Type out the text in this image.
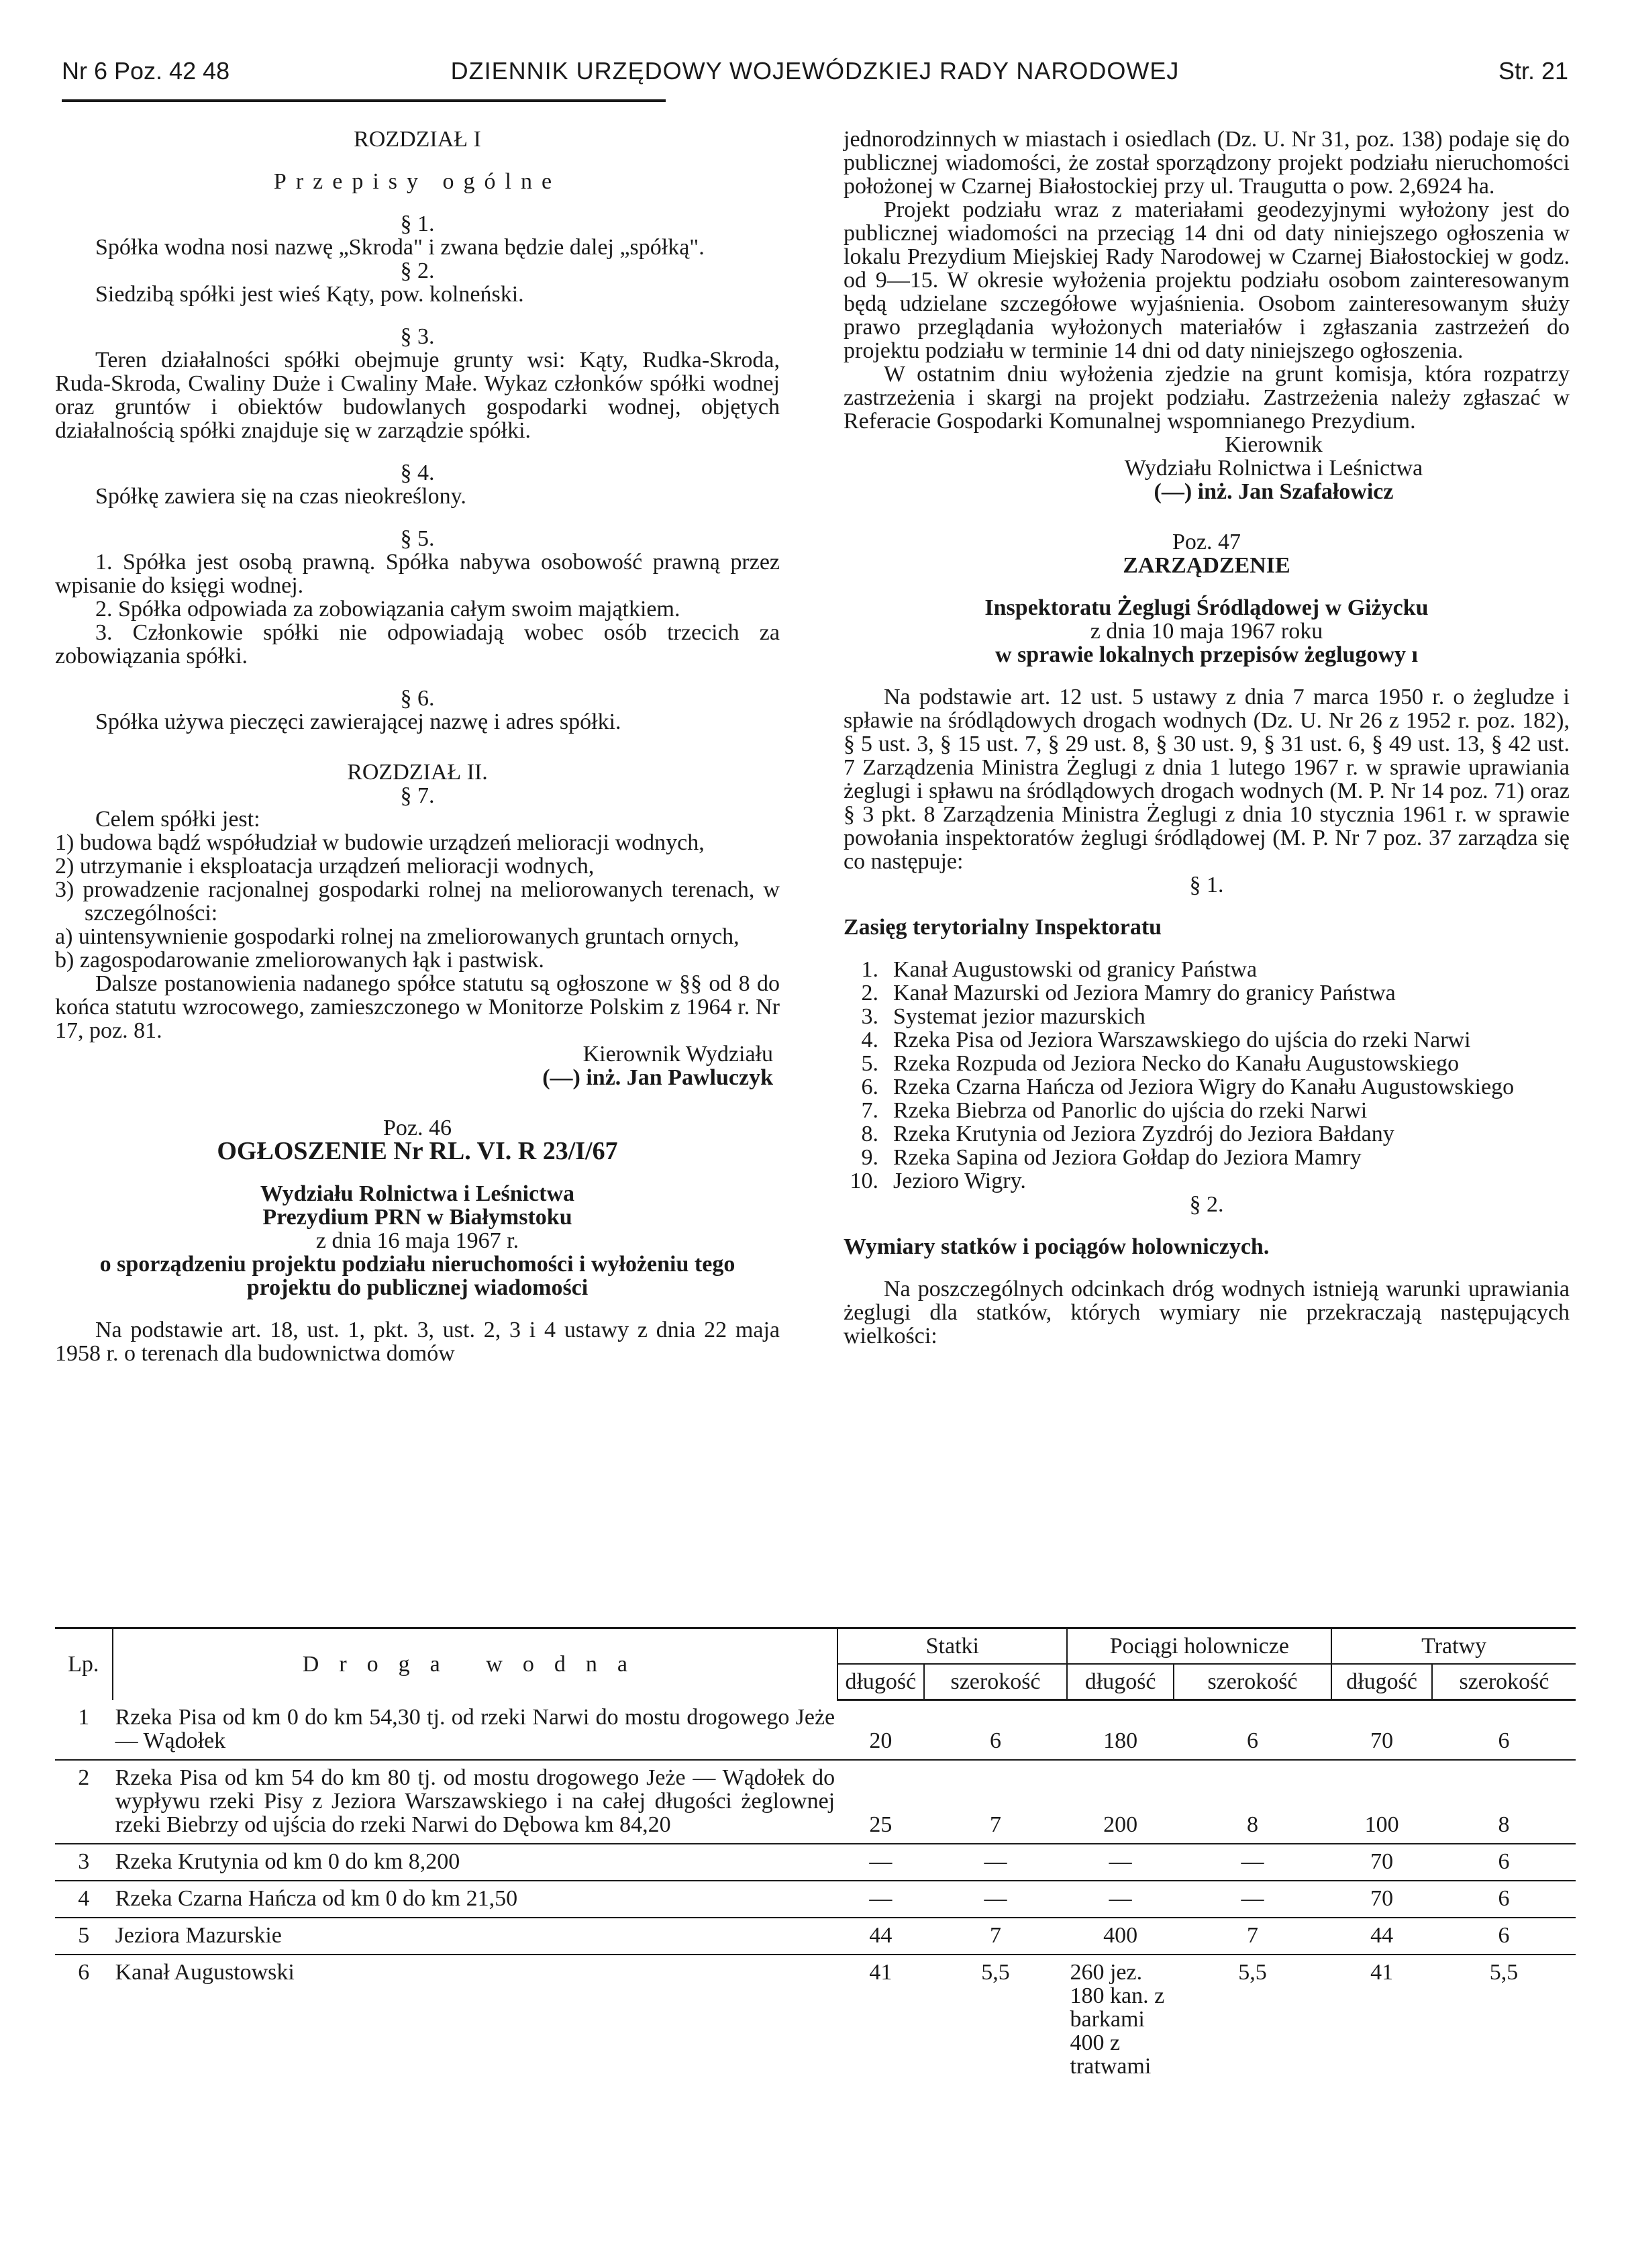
Nr 6 Poz. 42 48	DZIENNIK URZĘDOWY WOJEWÓDZKIEJ RADY NARODOWEJ	Str. 21

ROZDZIAŁ I

Przepisy ogólne

§ 1.

Spółka wodna nosi nazwę „Skroda" i zwana będzie dalej „spółką".

§ 2.

Siedzibą spółki jest wieś Kąty, pow. kolneński.

§ 3.

Teren działalności spółki obejmuje grunty wsi: Kąty, Rudka-Skroda, Ruda-Skroda, Cwaliny Duże i Cwaliny Małe. Wykaz członków spółki wodnej oraz gruntów i obiektów budowlanych gospodarki wodnej, objętych działalnością spółki znajduje się w zarządzie spółki.

§ 4.

Spółkę zawiera się na czas nieokreślony.

§ 5.

1. Spółka jest osobą prawną. Spółka nabywa osobowość prawną przez wpisanie do księgi wodnej.

2. Spółka odpowiada za zobowiązania całym swoim majątkiem.

3. Członkowie spółki nie odpowiadają wobec osób trzecich za zobowiązania spółki.

§ 6.

Spółka używa pieczęci zawierającej nazwę i adres spółki.

ROZDZIAŁ II.

§ 7.

Celem spółki jest:

1) budowa bądź współudział w budowie urządzeń melioracji wodnych,

2) utrzymanie i eksploatacja urządzeń melioracji wodnych,

3) prowadzenie racjonalnej gospodarki rolnej na meliorowanych terenach, w szczególności:

a) uintensywnienie gospodarki rolnej na zmeliorowanych gruntach ornych,

b) zagospodarowanie zmeliorowanych łąk i pastwisk.

Dalsze postanowienia nadanego spółce statutu są ogłoszone w §§ od 8 do końca statutu wzrocowego, zamieszczonego w Monitorze Polskim z 1964 r. Nr 17, poz. 81.

Kierownik Wydziału

(—) inż. Jan Pawluczyk

Poz. 46

OGŁOSZENIE Nr RL. VI. R 23/I/67

Wydziału Rolnictwa i Leśnictwa

Prezydium PRN w Białymstoku

z dnia 16 maja 1967 r.

o sporządzeniu projektu podziału nieruchomości i wyłożeniu tego projektu do publicznej wiadomości

Na podstawie art. 18, ust. 1, pkt. 3, ust. 2, 3 i 4 ustawy z dnia 22 maja 1958 r. o terenach dla budownictwa domów

jednorodzinnych w miastach i osiedlach (Dz. U. Nr 31, poz. 138) podaje się do publicznej wiadomości, że został sporządzony projekt podziału nieruchomości położonej w Czarnej Białostockiej przy ul. Traugutta o pow. 2,6924 ha.

Projekt podziału wraz z materiałami geodezyjnymi wyłożony jest do publicznej wiadomości na przeciąg 14 dni od daty niniejszego ogłoszenia w lokalu Prezydium Miejskiej Rady Narodowej w Czarnej Białostockiej w godz. od 9—15. W okresie wyłożenia projektu podziału osobom zainteresowanym będą udzielane szczegółowe wyjaśnienia. Osobom zainteresowanym służy prawo przeglądania wyłożonych materiałów i zgłaszania zastrzeżeń do projektu podziału w terminie 14 dni od daty niniejszego ogłoszenia.

W ostatnim dniu wyłożenia zjedzie na grunt komisja, która rozpatrzy zastrzeżenia i skargi na projekt podziału. Zastrzeżenia należy zgłaszać w Referacie Gospodarki Komunalnej wspomnianego Prezydium.

Kierownik

Wydziału Rolnictwa i Leśnictwa

(—) inż. Jan Szafałowicz

Poz. 47

ZARZĄDZENIE

Inspektoratu Żeglugi Śródlądowej w Giżycku

z dnia 10 maja 1967 roku

w sprawie lokalnych przepisów żeglugowy ı

Na podstawie art. 12 ust. 5 ustawy z dnia 7 marca 1950 r. o żegludze i spławie na śródlądowych drogach wodnych (Dz. U. Nr 26 z 1952 r. poz. 182), § 5 ust. 3, § 15 ust. 7, § 29 ust. 8, § 30 ust. 9, § 31 ust. 6, § 49 ust. 13, § 42 ust. 7 Zarządzenia Ministra Żeglugi z dnia 1 lutego 1967 r. w sprawie uprawiania żeglugi i spławu na śródlądowych drogach wodnych (M. P. Nr 14 poz. 71) oraz § 3 pkt. 8 Zarządzenia Ministra Żeglugi z dnia 10 stycznia 1961 r. w sprawie powołania inspektoratów żeglugi śródlądowej (M. P. Nr 7 poz. 37 zarządza się co następuje:

§ 1.

Zasięg terytorialny Inspektoratu

1. Kanał Augustowski od granicy Państwa
2. Kanał Mazurski od Jeziora Mamry do granicy Państwa
3. Systemat jezior mazurskich
4. Rzeka Pisa od Jeziora Warszawskiego do ujścia do rzeki Narwi
5. Rzeka Rozpuda od Jeziora Necko do Kanału Augustowskiego
6. Rzeka Czarna Hańcza od Jeziora Wigry do Kanału Augustowskiego
7. Rzeka Biebrza od Panorlic do ujścia do rzeki Narwi
8. Rzeka Krutynia od Jeziora Zyzdrój do Jeziora Bałdany
9. Rzeka Sapina od Jeziora Gołdap do Jeziora Mamry
10. Jezioro Wigry.

§ 2.

Wymiary statków i pociągów holowniczych.

Na poszczególnych odcinkach dróg wodnych istnieją warunki uprawiania żeglugi dla statków, których wymiary nie przekraczają następujących wielkości:

Lp.	Droga wodna	Statki		Pociągi holownicze		Tratwy	
		długość	szerokość	długość	szerokość	długość	szerokość
1	Rzeka Pisa od km 0 do km 54,30 tj. od rzeki Narwi do mostu drogowego Jeże — Wądołek	20	6	180	6	70	6
2	Rzeka Pisa od km 54 do km 80 tj. od mostu drogowego Jeże — Wądołek do wypływu rzeki Pisy z Jeziora Warszawskiego i na całej długości żeglownej rzeki Biebrzy od ujścia do rzeki Narwi do Dębowa km 84,20	25	7	200	8	100	8
3	Rzeka Krutynia od km 0 do km 8,200	—	—	—	—	70	6
4	Rzeka Czarna Hańcza od km 0 do km 21,50	—	—	—	—	70	6
5	Jeziora Mazurskie	44	7	400	7	44	6
6	Kanał Augustowski	41	5,5	260 jez. 180 kan. z barkami 400 z tratwami	5,5	41	5,5
